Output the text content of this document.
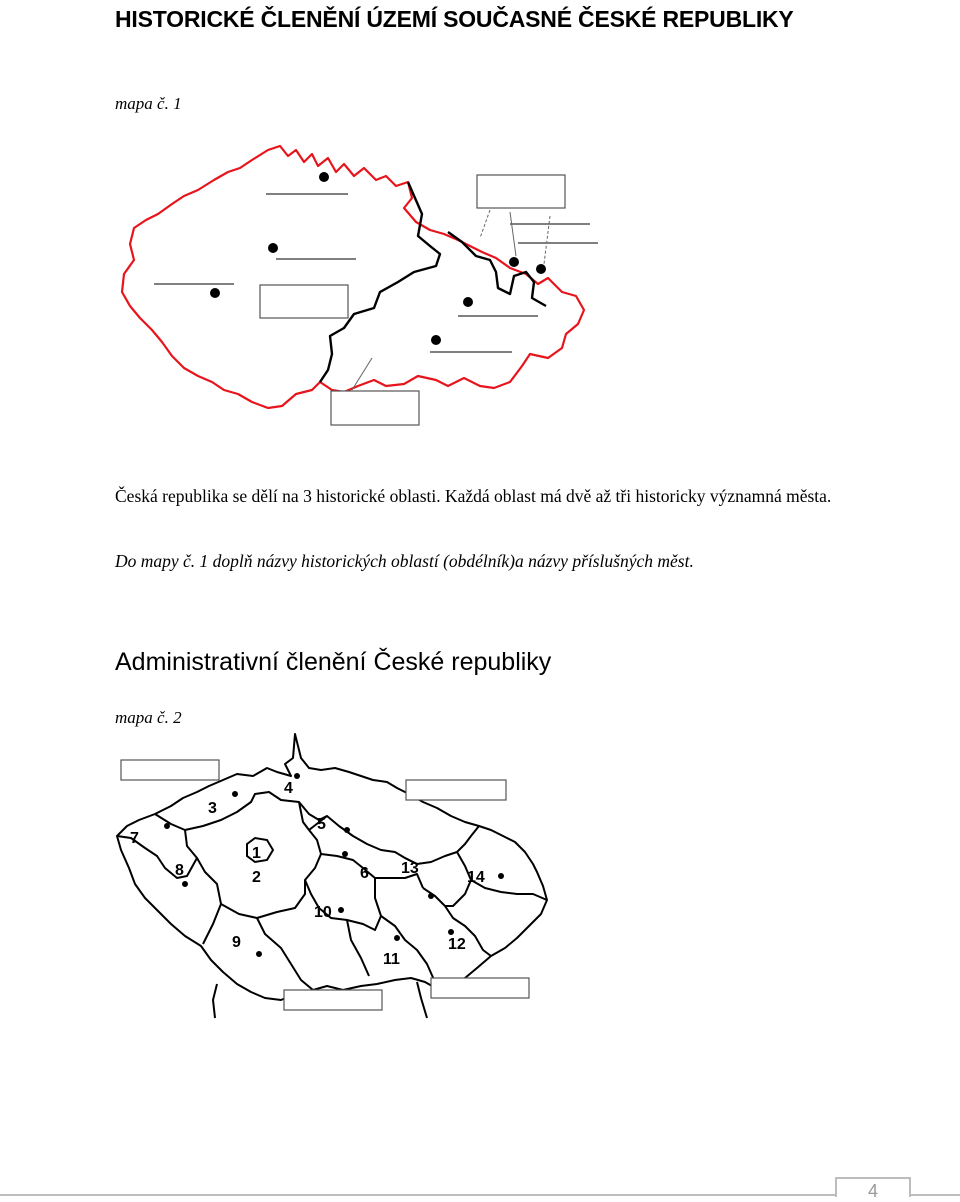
HISTORICKÉ ČLENĚNÍ ÚZEMÍ SOUČASNÉ ČESKÉ REPUBLIKY
mapa č. 1
Česká republika se dělí na 3 historické oblasti. Každá oblast má dvě až tři historicky významná města.
Do mapy č. 1 doplň názvy historických oblastí (obdélník)a názvy příslušných měst.
Administrativní členění České republiky
mapa č. 2
1
2
3
4
5
6
7
8
9
10
11
12
13
14
4
